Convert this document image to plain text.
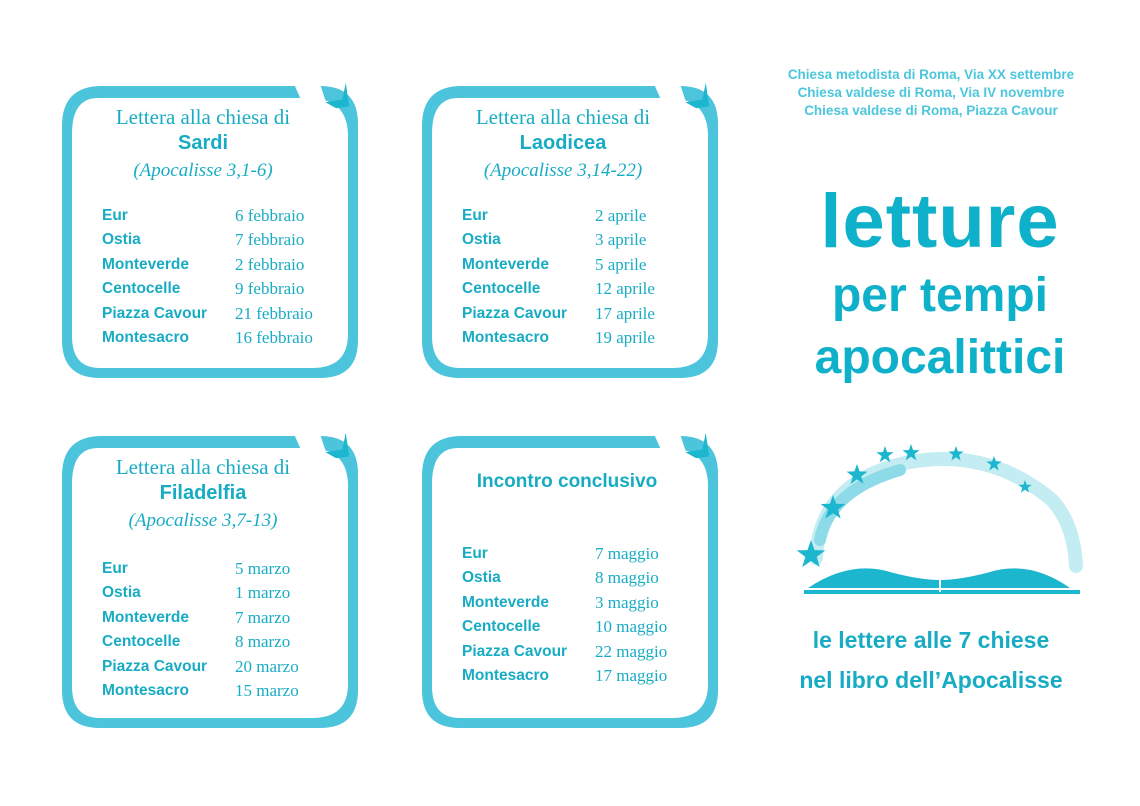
Lettera alla chiesa di
Sardi
(Apocalisse 3,1-6)
Eur	6 febbraio
Ostia	7 febbraio
Monteverde	2 febbraio
Centocelle	9 febbraio
Piazza Cavour 21 febbraio
Montesacro	16 febbraio
Lettera alla chiesa di
Laodicea
(Apocalisse 3,14-22)
Eur	2 aprile
Ostia	3 aprile
Monteverde	5 aprile
Centocelle	12 aprile
Piazza Cavour 17 aprile
Montesacro	19 aprile
Lettera alla chiesa di
Filadelfia
(Apocalisse 3,7-13)
Eur	5 marzo
Ostia	1 marzo
Monteverde	7 marzo
Centocelle	8 marzo
Piazza Cavour 20 marzo
Montesacro	15 marzo
Incontro conclusivo
Eur	7 maggio
Ostia	8 maggio
Monteverde	3 maggio
Centocelle	10 maggio
Piazza Cavour 22 maggio
Montesacro	17 maggio
Chiesa metodista di Roma, Via XX settembre
Chiesa valdese di Roma, Via IV novembre
Chiesa valdese di Roma, Piazza Cavour
letture
per tempi
apocalittici
le lettere alle 7 chiese
nel libro dell’Apocalisse
